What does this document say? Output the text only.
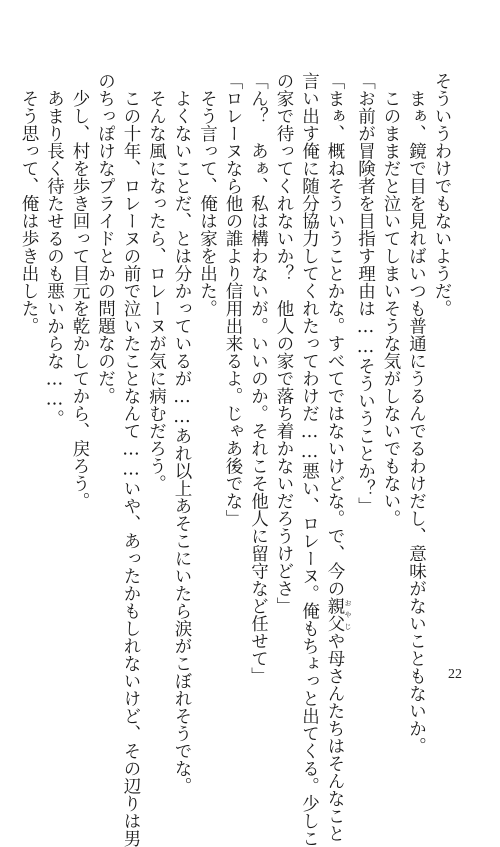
そういうわけでもないようだ。
　まぁ、鏡で目を見ればいつも普通にうるんでるわけだし、意味がないこともないか。
　このままだと泣いてしまいそうな気がしないでもない。
「お前が冒険者を目指す理由は……そういうことか？」
「まぁ、概ねそういうことかな。すべてではないけどな。で、今の親父 おやじや母さんたちはそんなこと
言い出す俺に随分協力してくれたってわけだ……悪い、ロレーヌ。俺もちょっと出てくる。少しこ
の家で待ってくれないか？　他人の家で落ち着かないだろうけどさ」
「ん？　あぁ、私は構わないが。いいのか。それこそ他人に留守など任せて」
「ロレーヌなら他の誰より信用出来るよ。じゃあ後でな」
　そう言って、俺は家を出た。
　よくないことだ、とは分かっているが……あれ以上あそこにいたら涙がこぼれそうでな。
　そんな風になったら、ロレーヌが気に病むだろう。
　この十年、ロレーヌの前で泣いたことなんて……いや、あったかもしれないけど、その辺りは男
のちっぽけなプライドとかの問題なのだ。
　少し、村を歩き回って目元を乾かしてから、戻ろう。
　あまり長く待たせるのも悪いからな……。
　そう思って、俺は歩き出した。
22
